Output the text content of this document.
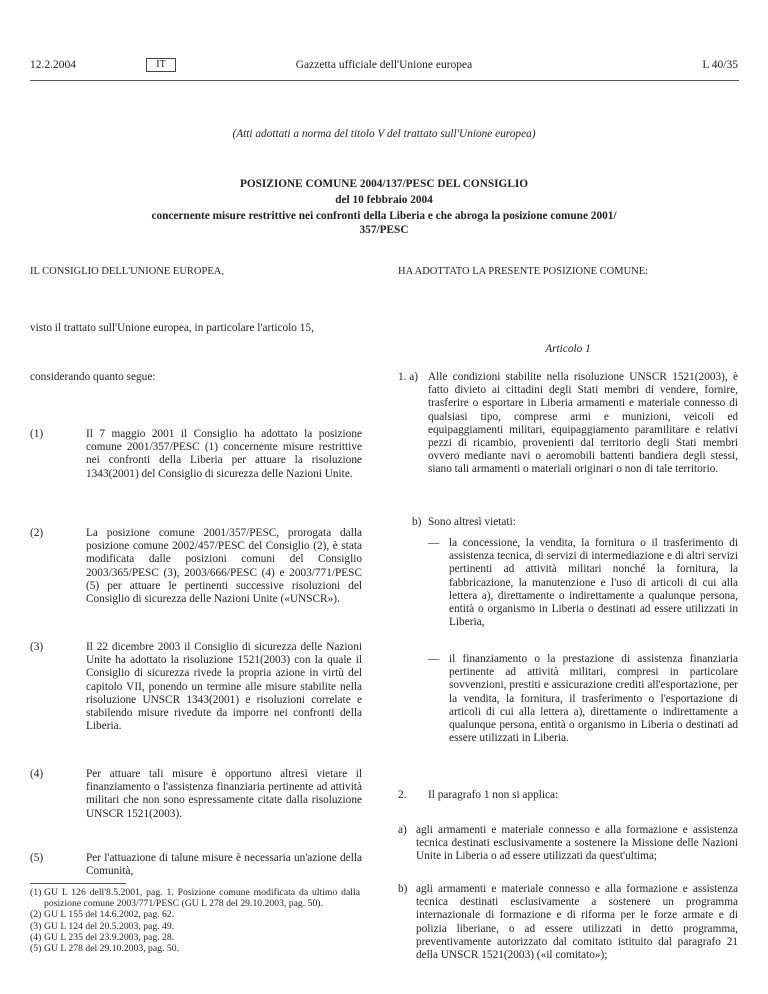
12.2.2004	IT	Gazzetta ufficiale dell'Unione europea	L 40/35
(Atti adottati a norma del titolo V del trattato sull'Unione europea)
POSIZIONE COMUNE 2004/137/PESC DEL CONSIGLIO
del 10 febbraio 2004
concernente misure restrittive nei confronti della Liberia e che abroga la posizione comune 2001/
357/PESC
IL CONSIGLIO DELL'UNIONE EUROPEA,
visto il trattato sull'Unione europea, in particolare l'articolo 15,
considerando quanto segue:
(1)	Il 7 maggio 2001 il Consiglio ha adottato la posizione comune 2001/357/PESC (1) concernente misure restrittive nei confronti della Liberia per attuare la risoluzione 1343(2001) del Consiglio di sicurezza delle Nazioni Unite.
(2)	La posizione comune 2001/357/PESC, prorogata dalla posizione comune 2002/457/PESC del Consiglio (2), è stata modificata dalle posizioni comuni del Consiglio 2003/365/PESC (3), 2003/666/PESC (4) e 2003/771/PESC (5) per attuare le pertinenti successive risoluzioni del Consiglio di sicurezza delle Nazioni Unite («UNSCR»).
(3)	Il 22 dicembre 2003 il Consiglio di sicurezza delle Nazioni Unite ha adottato la risoluzione 1521(2003) con la quale il Consiglio di sicurezza rivede la propria azione in virtù del capitolo VII, ponendo un termine alle misure stabilite nella risoluzione UNSCR 1343(2001) e risoluzioni correlate e stabilendo misure rivedute da imporre nei confronti della Liberia.
(4)	Per attuare tali misure è opportuno altresì vietare il finanziamento o l'assistenza finanziaria pertinente ad attività militari che non sono espressamente citate dalla risoluzione UNSCR 1521(2003).
(5)	Per l'attuazione di talune misure è necessaria un'azione della Comunità,
(1) GU L 126 dell'8.5.2001, pag. 1. Posizione comune modificata da ultimo dalla posizione comune 2003/771/PESC (GU L 278 del 29.10.2003, pag. 50).
(2) GU L 155 del 14.6.2002, pag. 62.
(3) GU L 124 del 20.5.2003, pag. 49.
(4) GU L 235 del 23.9.2003, pag. 28.
(5) GU L 278 del 29.10.2003, pag. 50.
HA ADOTTATO LA PRESENTE POSIZIONE COMUNE:
Articolo 1
1. a) Alle condizioni stabilite nella risoluzione UNSCR 1521(2003), è fatto divieto ai cittadini degli Stati membri di vendere, fornire, trasferire o esportare in Liberia armamenti e materiale connesso di qualsiasi tipo, comprese armi e munizioni, veicoli ed equipaggiamenti militari, equipaggiamento paramilitare e relativi pezzi di ricambio, provenienti dal territorio degli Stati membri ovvero mediante navi o aeromobili battenti bandiera degli stessi, siano tali armamenti o materiali originari o non di tale territorio.
b) Sono altresì vietati:
— la concessione, la vendita, la fornitura o il trasferimento di assistenza tecnica, di servizi di intermediazione e di altri servizi pertinenti ad attività militari nonché la fornitura, la fabbricazione, la manutenzione e l'uso di articoli di cui alla lettera a), direttamente o indirettamente a qualunque persona, entità o organismo in Liberia o destinati ad essere utilizzati in Liberia,
— il finanziamento o la prestazione di assistenza finanziaria pertinente ad attività militari, compresi in particolare sovvenzioni, prestiti e assicurazione crediti all'esportazione, per la vendita, la fornitura, il trasferimento o l'esportazione di articoli di cui alla lettera a), direttamente o indirettamente a qualunque persona, entità o organismo in Liberia o destinati ad essere utilizzati in Liberia.
2. Il paragrafo 1 non si applica:
a) agli armamenti e materiale connesso e alla formazione e assistenza tecnica destinati esclusivamente a sostenere la Missione delle Nazioni Unite in Liberia o ad essere utilizzati da quest'ultima;
b) agli armamenti e materiale connesso e alla formazione e assistenza tecnica destinati esclusivamente a sostenere un programma internazionale di formazione e di riforma per le forze armate e di polizia liberiane, o ad essere utilizzati in detto programma, preventivamente autorizzato dal comitato istituito dal paragrafo 21 della UNSCR 1521(2003) («il comitato»);
